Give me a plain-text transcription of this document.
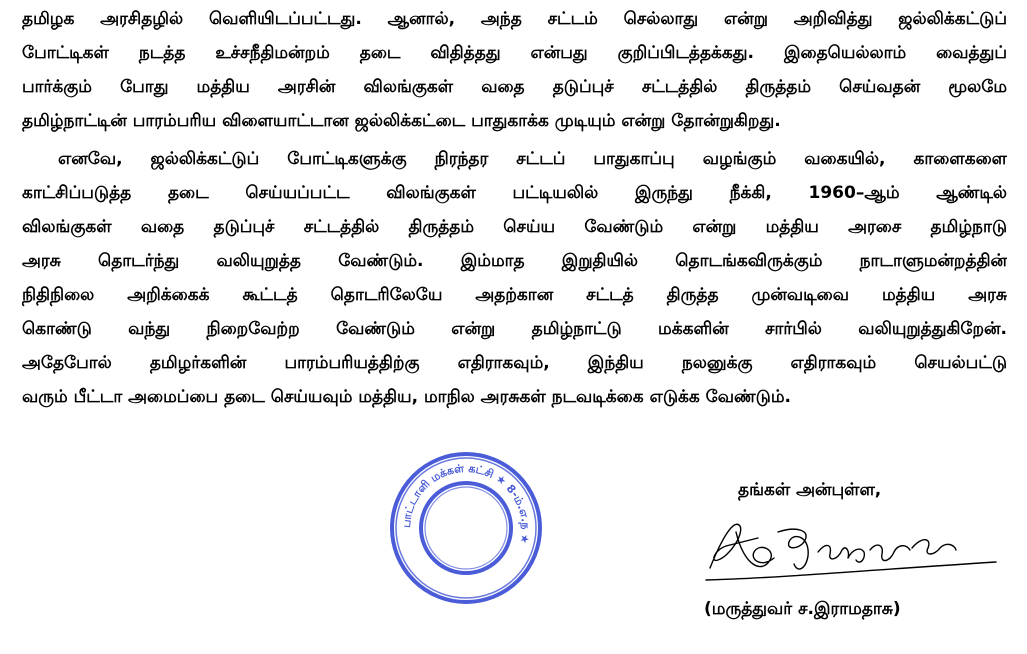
தமிழக அரசிதழில் வெளியிடப்பட்டது. ஆனால், அந்த சட்டம் செல்லாது என்று அறிவித்து ஜல்லிக்கட்டுப்
போட்டிகள் நடத்த உச்சநீதிமன்றம் தடை விதித்தது என்பது குறிப்பிடத்தக்கது. இதையெல்லாம் வைத்துப்
பார்க்கும் போது மத்திய அரசின் விலங்குகள் வதை தடுப்புச் சட்டத்தில் திருத்தம் செய்வதன் மூலமே
தமிழ்நாட்டின் பாரம்பரிய விளையாட்டான ஜல்லிக்கட்டை பாதுகாக்க முடியும் என்று தோன்றுகிறது.
எனவே, ஜல்லிக்கட்டுப் போட்டிகளுக்கு நிரந்தர சட்டப் பாதுகாப்பு வழங்கும் வகையில், காளைகளை
காட்சிப்படுத்த தடை செய்யப்பட்ட விலங்குகள் பட்டியலில் இருந்து நீக்கி, 1960–ஆம் ஆண்டில்
விலங்குகள் வதை தடுப்புச் சட்டத்தில் திருத்தம் செய்ய வேண்டும் என்று மத்திய அரசை தமிழ்நாடு
அரசு தொடர்ந்து வலியுறுத்த வேண்டும். இம்மாத இறுதியில் தொடங்கவிருக்கும் நாடாளுமன்றத்தின்
நிதிநிலை அறிக்கைக் கூட்டத் தொடரிலேயே அதற்கான சட்டத் திருத்த முன்வடிவை மத்திய அரசு
கொண்டு வந்து நிறைவேற்ற வேண்டும் என்று தமிழ்நாட்டு மக்களின் சார்பில் வலியுறுத்துகிறேன்.
அதேபோல் தமிழர்களின் பாரம்பரியத்திற்கு எதிராகவும், இந்திய நலனுக்கு எதிராகவும் செயல்பட்டு
வரும் பீட்டா அமைப்பை தடை செய்யவும் மத்திய, மாநில அரசுகள் நடவடிக்கை எடுக்க வேண்டும்.
பாட்டாளி மக்கள் கட்சி ★ 8-ம்.எ.ந ★
தங்கள் அன்புள்ள,
(மருத்துவர் ச.இராமதாசு)
